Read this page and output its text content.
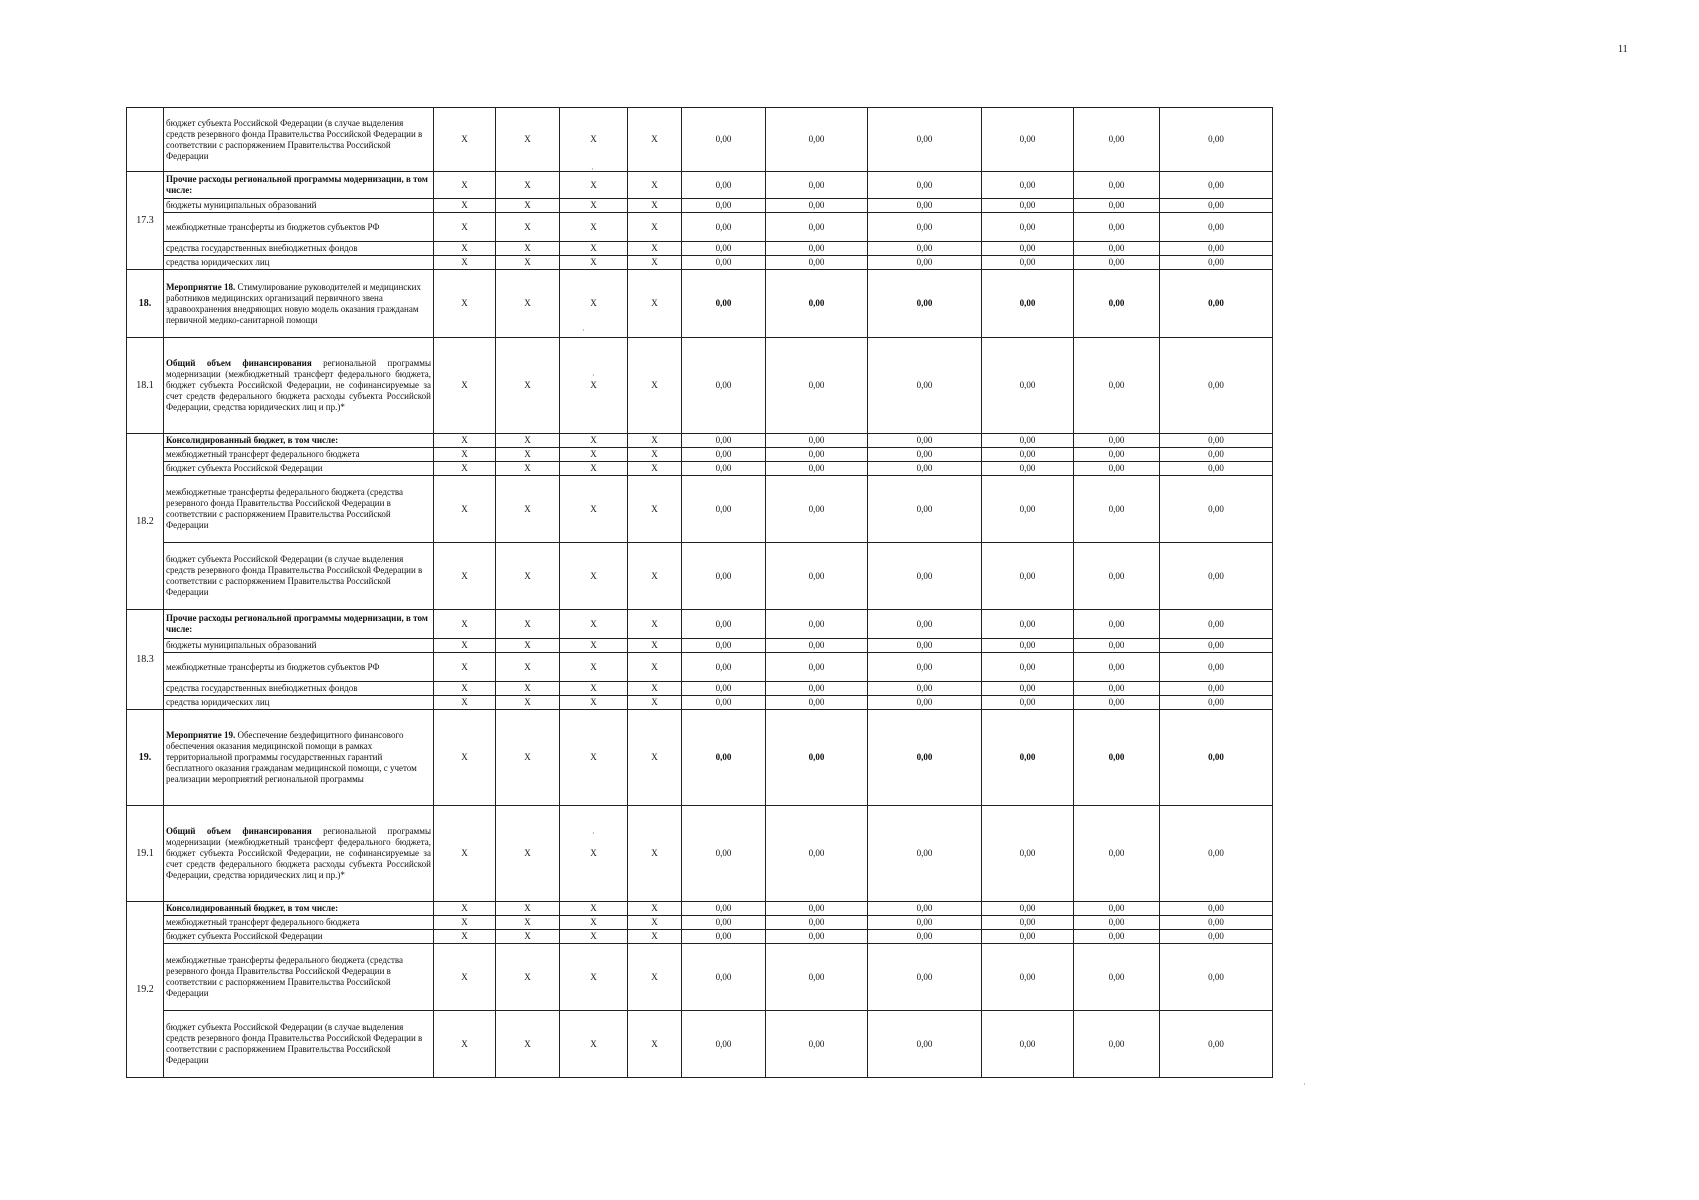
11
	бюджет субъекта Российской Федерации (в случае выделения средств резервного фонда Правительства Российской Федерации в соответствии с распоряжением Правительства Российской Федерации	X	X	X	X	0,00	0,00	0,00	0,00	0,00	0,00
17.3	Прочие расходы региональной программы модернизации, в том числе:	X	X	X	X	0,00	0,00	0,00	0,00	0,00	0,00
	бюджеты муниципальных образований	X	X	X	X	0,00	0,00	0,00	0,00	0,00	0,00
	межбюджетные трансферты из бюджетов субъектов РФ	X	X	X	X	0,00	0,00	0,00	0,00	0,00	0,00
	средства государственных внебюджетных фондов	X	X	X	X	0,00	0,00	0,00	0,00	0,00	0,00
	средства юридических лиц	X	X	X	X	0,00	0,00	0,00	0,00	0,00	0,00
18.	Мероприятие 18. Стимулирование руководителей и медицинских работников медицинских организаций первичного звена здравоохранения внедряющих новую модель оказания гражданам первичной медико-санитарной помощи	X	X	X	X	0,00	0,00	0,00	0,00	0,00	0,00
18.1	Общий объем финансирования региональной программы модернизации (межбюджетный трансферт федерального бюджета, бюджет субъекта Российской Федерации, не софинансируемые за счет средств федерального бюджета расходы субъекта Российской Федерации, средства юридических лиц и пр.)*	X	X	X	X	0,00	0,00	0,00	0,00	0,00	0,00
18.2	Консолидированный бюджет, в том числе:	X	X	X	X	0,00	0,00	0,00	0,00	0,00	0,00
	межбюджетный трансферт федерального бюджета	X	X	X	X	0,00	0,00	0,00	0,00	0,00	0,00
	бюджет субъекта Российской Федерации	X	X	X	X	0,00	0,00	0,00	0,00	0,00	0,00
	межбюджетные трансферты федерального бюджета (средства резервного фонда Правительства Российской Федерации в соответствии с распоряжением Правительства Российской Федерации	X	X	X	X	0,00	0,00	0,00	0,00	0,00	0,00
	бюджет субъекта Российской Федерации (в случае выделения средств резервного фонда Правительства Российской Федерации в соответствии с распоряжением Правительства Российской Федерации	X	X	X	X	0,00	0,00	0,00	0,00	0,00	0,00
18.3	Прочие расходы региональной программы модернизации, в том числе:	X	X	X	X	0,00	0,00	0,00	0,00	0,00	0,00
	бюджеты муниципальных образований	X	X	X	X	0,00	0,00	0,00	0,00	0,00	0,00
	межбюджетные трансферты из бюджетов субъектов РФ	X	X	X	X	0,00	0,00	0,00	0,00	0,00	0,00
	средства государственных внебюджетных фондов	X	X	X	X	0,00	0,00	0,00	0,00	0,00	0,00
	средства юридических лиц	X	X	X	X	0,00	0,00	0,00	0,00	0,00	0,00
19.	Мероприятие 19. Обеспечение бездефицитного финансового обеспечения оказания медицинской помощи в рамках территориальной программы государственных гарантий бесплатного оказания гражданам медицинской помощи, с учетом реализации мероприятий региональной программы	X	X	X	X	0,00	0,00	0,00	0,00	0,00	0,00
19.1	Общий объем финансирования региональной программы модернизации (межбюджетный трансферт федерального бюджета, бюджет субъекта Российской Федерации, не софинансируемые за счет средств федерального бюджета расходы субъекта Российской Федерации, средства юридических лиц и пр.)*	X	X	X	X	0,00	0,00	0,00	0,00	0,00	0,00
19.2	Консолидированный бюджет, в том числе:	X	X	X	X	0,00	0,00	0,00	0,00	0,00	0,00
	межбюджетный трансферт федерального бюджета	X	X	X	X	0,00	0,00	0,00	0,00	0,00	0,00
	бюджет субъекта Российской Федерации	X	X	X	X	0,00	0,00	0,00	0,00	0,00	0,00
	межбюджетные трансферты федерального бюджета (средства резервного фонда Правительства Российской Федерации в соответствии с распоряжением Правительства Российской Федерации	X	X	X	X	0,00	0,00	0,00	0,00	0,00	0,00
	бюджет субъекта Российской Федерации (в случае выделения средств резервного фонда Правительства Российской Федерации в соответствии с распоряжением Правительства Российской Федерации	X	X	X	X	0,00	0,00	0,00	0,00	0,00	0,00
·
·
·
·
·
